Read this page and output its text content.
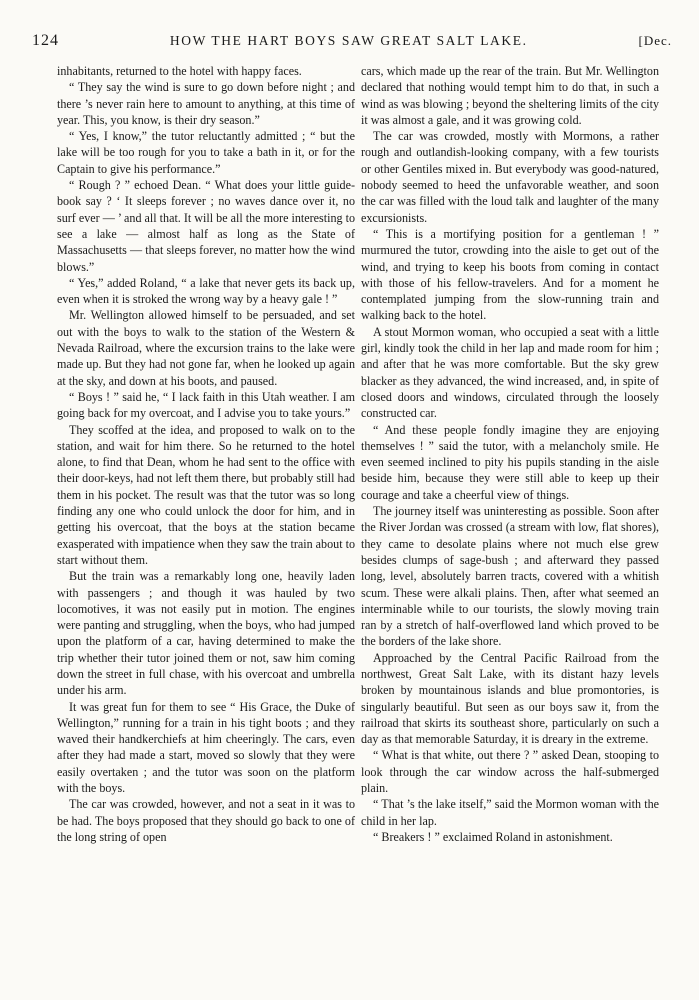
124	HOW THE HART BOYS SAW GREAT SALT LAKE.	[Dec.

inhabitants, returned to the hotel with happy faces.

“ They say the wind is sure to go down before night ; and there ’s never rain here to amount to anything, at this time of year. This, you know, is their dry season.”

“ Yes, I know,” the tutor reluctantly admitted ; “ but the lake will be too rough for you to take a bath in it, or for the Captain to give his performance.”

“ Rough ? ” echoed Dean. “ What does your little guide-book say ? ‘ It sleeps forever ; no waves dance over it, no surf ever — ’ and all that. It will be all the more interesting to see a lake — almost half as long as the State of Massachusetts — that sleeps forever, no matter how the wind blows.”

“ Yes,” added Roland, “ a lake that never gets its back up, even when it is stroked the wrong way by a heavy gale ! ”

Mr. Wellington allowed himself to be persuaded, and set out with the boys to walk to the station of the Western & Nevada Railroad, where the excursion trains to the lake were made up. But they had not gone far, when he looked up again at the sky, and down at his boots, and paused.

“ Boys ! ” said he, “ I lack faith in this Utah weather. I am going back for my overcoat, and I advise you to take yours.”

They scoffed at the idea, and proposed to walk on to the station, and wait for him there. So he returned to the hotel alone, to find that Dean, whom he had sent to the office with their door-keys, had not left them there, but probably still had them in his pocket. The result was that the tutor was so long finding any one who could unlock the door for him, and in getting his overcoat, that the boys at the station became exasperated with impatience when they saw the train about to start without them.

But the train was a remarkably long one, heavily laden with passengers ; and though it was hauled by two locomotives, it was not easily put in motion. The engines were panting and struggling, when the boys, who had jumped upon the platform of a car, having determined to make the trip whether their tutor joined them or not, saw him coming down the street in full chase, with his overcoat and umbrella under his arm.

It was great fun for them to see “ His Grace, the Duke of Wellington,” running for a train in his tight boots ; and they waved their handkerchiefs at him cheeringly. The cars, even after they had made a start, moved so slowly that they were easily overtaken ; and the tutor was soon on the platform with the boys.

The car was crowded, however, and not a seat in it was to be had. The boys proposed that they should go back to one of the long string of open

cars, which made up the rear of the train. But Mr. Wellington declared that nothing would tempt him to do that, in such a wind as was blowing ; beyond the sheltering limits of the city it was almost a gale, and it was growing cold.

The car was crowded, mostly with Mormons, a rather rough and outlandish-looking company, with a few tourists or other Gentiles mixed in. But everybody was good-natured, nobody seemed to heed the unfavorable weather, and soon the car was filled with the loud talk and laughter of the many excursionists.

“ This is a mortifying position for a gentleman ! ” murmured the tutor, crowding into the aisle to get out of the wind, and trying to keep his boots from coming in contact with those of his fellow-travelers. And for a moment he contemplated jumping from the slow-running train and walking back to the hotel.

A stout Mormon woman, who occupied a seat with a little girl, kindly took the child in her lap and made room for him ; and after that he was more comfortable. But the sky grew blacker as they advanced, the wind increased, and, in spite of closed doors and windows, circulated through the loosely constructed car.

“ And these people fondly imagine they are enjoying themselves ! ” said the tutor, with a melancholy smile. He even seemed inclined to pity his pupils standing in the aisle beside him, because they were still able to keep up their courage and take a cheerful view of things.

The journey itself was uninteresting as possible. Soon after the River Jordan was crossed (a stream with low, flat shores), they came to desolate plains where not much else grew besides clumps of sage-bush ; and afterward they passed long, level, absolutely barren tracts, covered with a whitish scum. These were alkali plains. Then, after what seemed an interminable while to our tourists, the slowly moving train ran by a stretch of half-overflowed land which proved to be the borders of the lake shore.

Approached by the Central Pacific Railroad from the northwest, Great Salt Lake, with its distant hazy levels broken by mountainous islands and blue promontories, is singularly beautiful. But seen as our boys saw it, from the railroad that skirts its southeast shore, particularly on such a day as that memorable Saturday, it is dreary in the extreme.

“ What is that white, out there ? ” asked Dean, stooping to look through the car window across the half-submerged plain.

“ That ’s the lake itself,” said the Mormon woman with the child in her lap.

“ Breakers ! ” exclaimed Roland in astonishment.
